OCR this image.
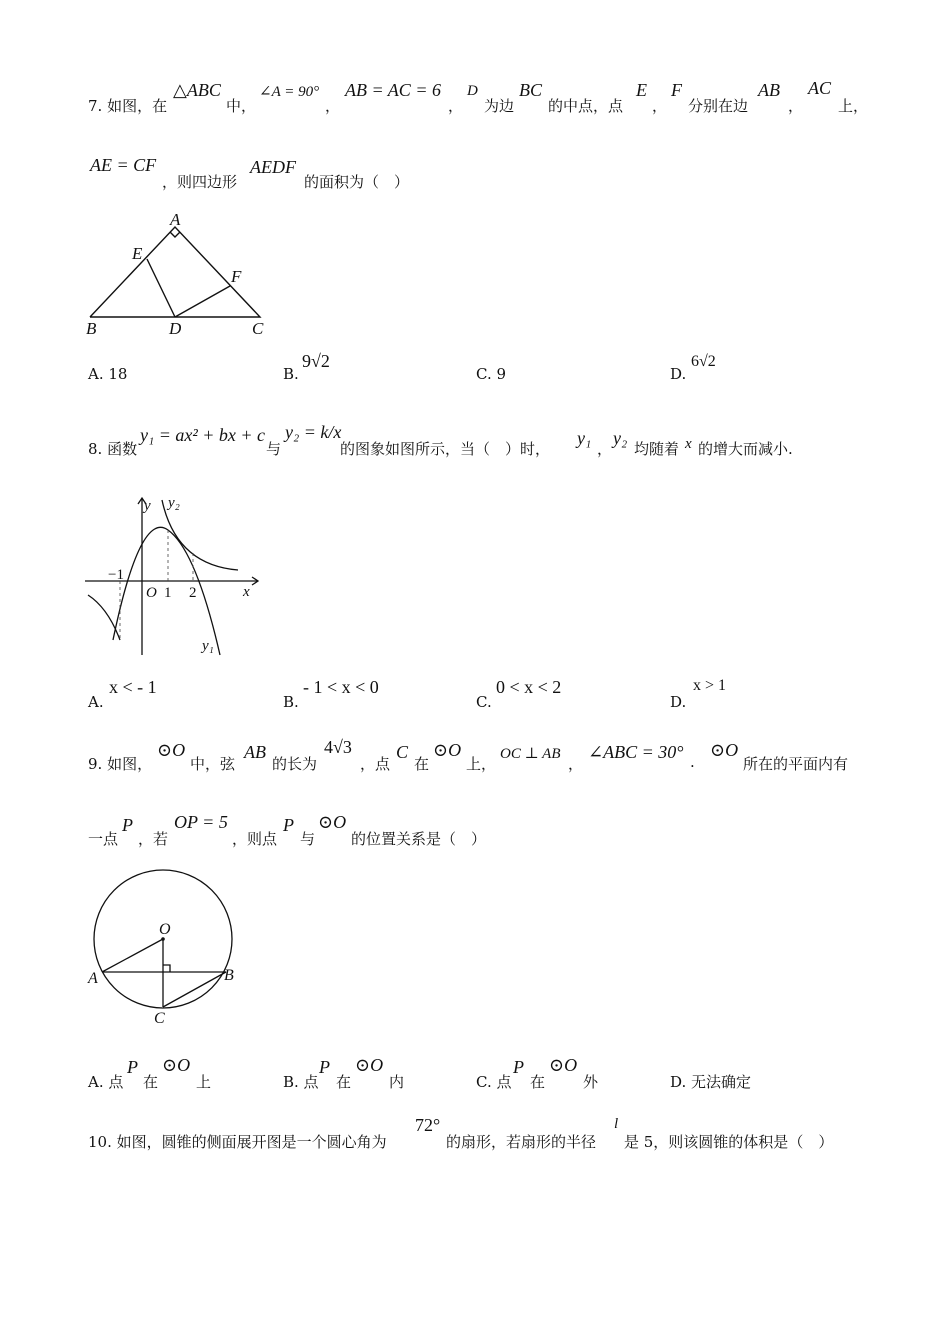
7. 如图，在
△ABC
中，
∠A = 90°
，
AB = AC = 6
，
D
为边
BC
的中点，点
E
，
F
分别在边
AB
，
AC
上，
AE = CF
，则四边形
AEDF
的面积为（　）
A
E
F
B	D	C
A. 18	B.
9√2
C. 9	D.
6√2
8. 函数
y₁ = ax² + bx + c
与
y₂ = k/x
的图象如图所示，当（　）时，
y₁
，
y₂
均随着 x 的增大而减小.
y y₂
−1
O 1 2	x
y₁
A.
x < - 1
B.
- 1 < x < 0
C.
0 < x < 2
D.
x > 1
9. 如图，
⊙O
中，弦
AB
的长为
4√3
，点
C
在
⊙O
上，
OC ⊥ AB
，
∠ABC = 30° .
⊙O
所在的平面内有
一点
P
，若
OP = 5
，则点
P
与
⊙O
的位置关系是（　）
O
A	B
C
A. 点
P
在
⊙O
上	B. 点
P
在
⊙O
内	C. 点
P
在
⊙O
外	D. 无法确定
10. 如图，圆锥的侧面展开图是一个圆心角为
72°
的扇形，若扇形的半径
l
是 5，则该圆锥的体积是（　）
